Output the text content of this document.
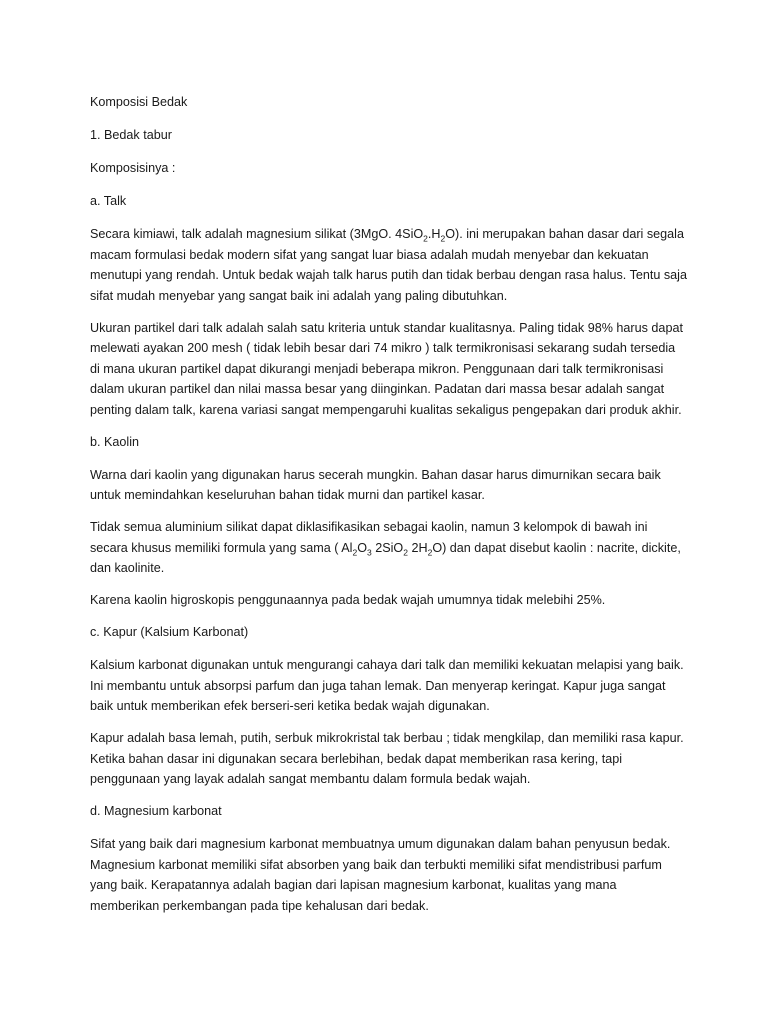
Komposisi Bedak
1. Bedak tabur
Komposisinya :
a. Talk

Secara kimiawi, talk adalah magnesium silikat (3MgO. $4SiO_2.H_2O$). ini merupakan bahan dasar dari segala macam formulasi bedak modern sifat yang sangat luar biasa adalah mudah menyebar dan kekuatan menutupi yang rendah. Untuk bedak wajah talk harus putih dan tidak berbau dengan rasa halus. Tentu saja sifat mudah menyebar yang sangat baik ini adalah yang paling dibutuhkan.

Ukuran partikel dari talk adalah salah satu kriteria untuk standar kualitasnya. Paling tidak 98% harus dapat melewati ayakan 200 mesh ( tidak lebih besar dari 74 mikro ) talk termikronisasi sekarang sudah tersedia di mana ukuran partikel dapat dikurangi menjadi beberapa mikron. Penggunaan dari talk termikronisasi dalam ukuran partikel dan nilai massa besar yang diinginkan. Padatan dari massa besar adalah sangat penting dalam talk, karena variasi sangat mempengaruhi kualitas sekaligus pengepakan dari produk akhir.

b. Kaolin

Warna dari kaolin yang digunakan harus secerah mungkin. Bahan dasar harus dimurnikan secara baik untuk memindahkan keseluruhan bahan tidak murni dan partikel kasar.

Tidak semua aluminium silikat dapat diklasifikasikan sebagai kaolin, namun 3 kelompok di bawah ini secara khusus memiliki formula yang sama ( $Al_2O_3$ 2SiO$_2$ $2H_2O$) dan dapat disebut kaolin : nacrite, dickite, dan kaolinite.

Karena kaolin higroskopis penggunaannya pada bedak wajah umumnya tidak melebihi 25%.

c. Kapur (Kalsium Karbonat)

Kalsium karbonat digunakan untuk mengurangi cahaya dari talk dan memiliki kekuatan melapisi yang baik. Ini membantu untuk absorpsi parfum dan juga tahan lemak. Dan menyerap keringat. Kapur juga sangat baik untuk memberikan efek berseri-seri ketika bedak wajah digunakan.

Kapur adalah basa lemah, putih, serbuk mikrokristal tak berbau ; tidak mengkilap, dan memiliki rasa kapur. Ketika bahan dasar ini digunakan secara berlebihan, bedak dapat memberikan rasa kering, tapi penggunaan yang layak adalah sangat membantu dalam formula bedak wajah.

d. Magnesium karbonat

Sifat yang baik dari magnesium karbonat membuatnya umum digunakan dalam bahan penyusun bedak. Magnesium karbonat memiliki sifat absorben yang baik dan terbukti memiliki sifat mendistribusi parfum yang baik. Kerapatannya adalah bagian dari lapisan magnesium karbonat, kualitas yang mana memberikan perkembangan pada tipe kehalusan dari bedak.
